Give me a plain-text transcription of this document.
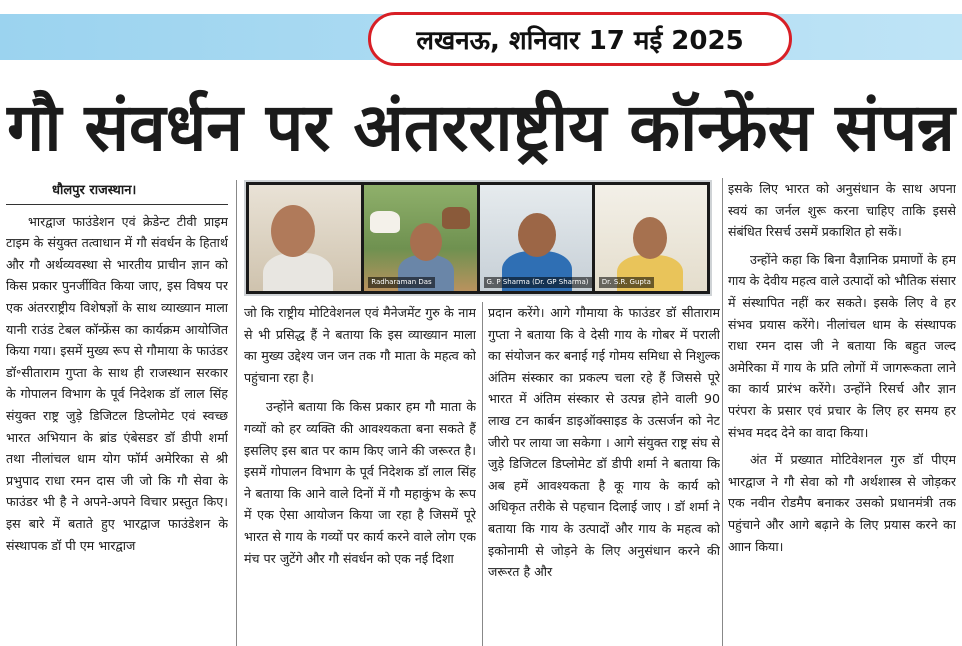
लखनऊ, शनिवार 17 मई 2025
गौ संवर्धन पर अंतरराष्ट्रीय कॉन्फ्रेंस संपन्न

धौलपुर राजस्थान।

भारद्वाज फाउंडेशन एवं क्रेडेन्ट टीवी प्राइम टाइम के संयुक्त तत्वाधान में गौ संवर्धन के हितार्थ और गौ अर्थव्यवस्था से भारतीय प्राचीन ज्ञान को किस प्रकार पुनर्जीवित किया जाए, इस विषय पर एक अंतरराष्ट्रीय विशेषज्ञों के साथ व्याख्यान माला यानी राउंड टेबल कॉन्फ्रेंस का कार्यक्रम आयोजित किया गया। इसमें मुख्य रूप से गौमाया के फाउंडर डॉ॰सीताराम गुप्ता के साथ ही राजस्थान सरकार के गोपालन विभाग के पूर्व निदेशक डॉ लाल सिंह संयुक्त राष्ट्र जुड़े डिजिटल डिप्लोमेट एवं स्वच्छ भारत अभियान के ब्रांड एंबेसडर डॉ डीपी शर्मा तथा नीलांचल धाम योग फॉर्म अमेरिका से श्री प्रभुपाद राधा रमन दास जी जो कि गौ सेवा के फाउंडर भी है ने अपने-अपने विचार प्रस्तुत किए। इस बारे में बताते हुए भारद्वाज फाउंडेशन के संस्थापक डॉ पी एम भारद्वाज

Radharaman Das	G. P Sharma (Dr. GP Sharma)	Dr. S.R. Gupta

जो कि राष्ट्रीय मोटिवेशनल एवं मैनेजमेंट गुरु के नाम से भी प्रसिद्ध हैं ने बताया कि इस व्याख्यान माला का मुख्य उद्देश्य जन जन तक गौ माता के महत्व को पहुंचाना रहा है।

उन्होंने बताया कि किस प्रकार हम गौ माता के गव्यों को हर व्यक्ति की आवश्यकता बना सकते हैं इसलिए इस बात पर काम किए जाने की जरूरत है। इसमें गोपालन विभाग के पूर्व निदेशक डॉ लाल सिंह ने बताया कि आने वाले दिनों में गौ महाकुंभ के रूप में एक ऐसा आयोजन किया जा रहा है जिसमें पूरे भारत से गाय के गव्यों पर कार्य करने वाले लोग एक मंच पर जुटेंगे और गौ संवर्धन को एक नई दिशा

प्रदान करेंगे। आगे गौमाया के फाउंडर डॉ सीताराम गुप्ता ने बताया कि वे देसी गाय के गोबर में पराली का संयोजन कर बनाई गई गोमय समिधा से निशुल्क अंतिम संस्कार का प्रकल्प चला रहे हैं जिससे पूरे भारत में अंतिम संस्कार से उत्पन्न होने वाली 90 लाख टन कार्बन डाइऑक्साइड के उत्सर्जन को नेट जीरो पर लाया जा सकेगा । आगे संयुक्त राष्ट्र संघ से जुड़े डिजिटल डिप्लोमेट डॉ डीपी शर्मा ने बताया कि अब हमें आवश्यकता है कू गाय के कार्य को अधिकृत तरीके से पहचान दिलाई जाए । डॉ शर्मा ने बताया कि गाय के उत्पादों और गाय के महत्व को इकोनामी से जोड़ने के लिए अनुसंधान करने की जरूरत है और

इसके लिए भारत को अनुसंधान के साथ अपना स्वयं का जर्नल शुरू करना चाहिए ताकि इससे संबंधित रिसर्च उसमें प्रकाशित हो सकें।

उन्होंने कहा कि बिना वैज्ञानिक प्रमाणों के हम गाय के देवीय महत्व वाले उत्पादों को भौतिक संसार में संस्थापित नहीं कर सकते। इसके लिए वे हर संभव प्रयास करेंगे। नीलांचल धाम के संस्थापक राधा रमन दास जी ने बताया कि बहुत जल्द अमेरिका में गाय के प्रति लोगों में जागरूकता लाने का कार्य प्रारंभ करेंगे। उन्होंने रिसर्च और ज्ञान परंपरा के प्रसार एवं प्रचार के लिए हर समय हर संभव मदद देने का वादा किया।

अंत में प्रख्यात मोटिवेशनल गुरु डॉ पीएम भारद्वाज ने गौ सेवा को गौ अर्थशास्त्र से जोड़कर एक नवीन रोडमैप बनाकर उसको प्रधानमंत्री तक पहुंचाने और आगे बढ़ाने के लिए प्रयास करने का आान किया।
